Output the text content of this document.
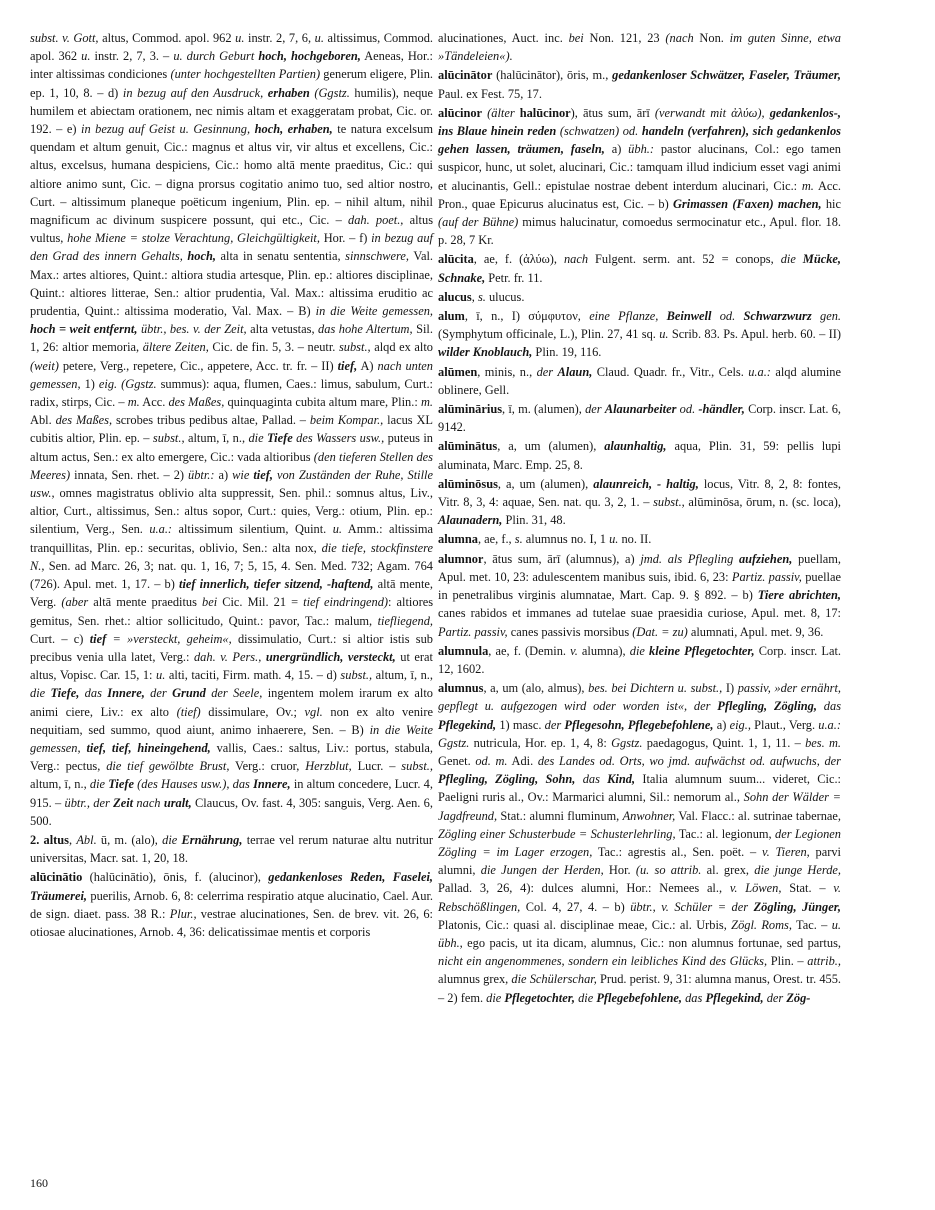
subst. v. Gott, altus, Commod. apol. 962 u. instr. 2, 7, 6, u. altissimus, Commod. apol. 362 u. instr. 2, 7, 3. – u. durch Geburt hoch, hochgeboren, Aeneas, Hor.: inter altissimas condiciones (unter hochgestellten Partien) generum eligere, Plin. ep. 1, 10, 8. – d) in bezug auf den Ausdruck, erhaben (Ggstz. humilis), neque humilem et abiectam orationem, nec nimis altam et exaggeratam probat, Cic. or. 192. – e) in bezug auf Geist u. Gesinnung, hoch, erhaben, te natura excelsum quendam et altum genuit, Cic.: magnus et altus vir, vir altus et excellens, Cic.: altus, excelsus, humana despiciens, Cic.: homo altā mente praeditus, Cic.: qui altiore animo sunt, Cic. – digna prorsus cogitatio animo tuo, sed altior nostro, Curt. – altissimum planeque poëticum ingenium, Plin. ep. – nihil altum, nihil magnificum ac divinum suspicere possunt, qui etc., Cic. – dah. poet., altus vultus, hohe Miene = stolze Verachtung, Gleichgültigkeit, Hor. – f) in bezug auf den Grad des innern Gehalts, hoch, alta in senatu sententia, sinnschwere, Val. Max.: artes altiores, Quint.: altiora studia artesque, Plin. ep.: altiores disciplinae, Quint.: altiores litterae, Sen.: altior prudentia, Val. Max.: altissima eruditio ac prudentia, Quint.: altissima moderatio, Val. Max. – B) in die Weite gemessen, hoch = weit entfernt, übtr., bes. v. der Zeit, alta vetustas, das hohe Altertum, Sil. 1, 26: altior memoria, ältere Zeiten, Cic. de fin. 5, 3. – neutr. subst., alqd ex alto (weit) petere, Verg., repetere, Cic., appetere, Acc. tr. fr. – II) tief, A) nach unten gemessen, 1) eig. (Ggstz. summus): aqua, flumen, Caes.: limus, sabulum, Curt.: radix, stirps, Cic. – m. Acc. des Maßes, quinquaginta cubita altum mare, Plin.: m. Abl. des Maßes, scrobes tribus pedibus altae, Pallad. – beim Kompar., lacus XL cubitis altior, Plin. ep. – subst., altum, ī, n., die Tiefe des Wassers usw., puteus in altum actus, Sen.: ex alto emergere, Cic.: vada altioribus (den tieferen Stellen des Meeres) innata, Sen. rhet. – 2) übtr.: a) wie tief, von Zuständen der Ruhe, Stille usw., omnes magistratus oblivio alta suppressit, Sen. phil.: somnus altus, Liv., altior, Curt., altissimus, Sen.: altus sopor, Curt.: quies, Verg.: otium, Plin. ep.: silentium, Verg., Sen. u.a.: altissimum silentium, Quint. u. Amm.: altissima tranquillitas, Plin. ep.: securitas, oblivio, Sen.: alta nox, die tiefe, stockfinstere N., Sen. ad Marc. 26, 3; nat. qu. 1, 16, 7; 5, 15, 4. Sen. Med. 732; Agam. 764 (726). Apul. met. 1, 17. – b) tief innerlich, tiefer sitzend, -haftend, altā mente, Verg. (aber altā mente praeditus bei Cic. Mil. 21 = tief eindringend): altiores gemitus, Sen. rhet.: altior sollicitudo, Quint.: pavor, Tac.: malum, tiefliegend, Curt. – c) tief = »versteckt, geheim«, dissimulatio, Curt.: si altior istis sub precibus venia ulla latet, Verg.: dah. v. Pers., unergründlich, versteckt, ut erat altus, Vopisc. Car. 15, 1: u. alti, taciti, Firm. math. 4, 15. – d) subst., altum, ī, n., die Tiefe, das Innere, der Grund der Seele, ingentem molem irarum ex alto animi ciere, Liv.: ex alto (tief) dissimulare, Ov.; vgl. non ex alto venire nequitiam, sed summo, quod aiunt, animo inhaerere, Sen. – B) in die Weite gemessen, tief, tief, hineingehend, vallis, Caes.: saltus, Liv.: portus, stabula, Verg.: pectus, die tief gewölbte Brust, Verg.: cruor, Herzblut, Lucr. – subst., altum, ī, n., die Tiefe (des Hauses usw.), das Innere, in altum concedere, Lucr. 4, 915. – übtr., der Zeit nach uralt, Claucus, Ov. fast. 4, 305: sanguis, Verg. Aen. 6, 500.

2. altus, Abl. ū, m. (alo), die Ernährung, terrae vel rerum naturae altu nutritur universitas, Macr. sat. 1, 20, 18.

alūcinātio (halūcinātio), ōnis, f. (alucinor), gedankenloses Reden, Faselei, Träumerei, puerilis, Arnob. 6, 8: celerrima respiratio atque alucinatio, Cael. Aur. de sign. diaet. pass. 38 R.: Plur., vestrae alucinationes, Sen. de brev. vit. 26, 6: otiosae alucinationes, Arnob. 4, 36: delicatissimae mentis et corporis

alucinationes, Auct. inc. bei Non. 121, 23 (nach Non. im guten Sinne, etwa »Tändeleien«).

alūcinātor (halūcinātor), ōris, m., gedankenloser Schwätzer, Faseler, Träumer, Paul. ex Fest. 75, 17.

alūcinor (älter halūcinor), ātus sum, ārī (verwandt mit ἀλύω), gedankenlos-, ins Blaue hinein reden (schwatzen) od. handeln (verfahren), sich gedankenlos gehen lassen, träumen, faseln, a) übh.: pastor alucinans, Col.: ego tamen suspicor, hunc, ut solet, alucinari, Cic.: tamquam illud indicium esset vagi animi et alucinantis, Gell.: epistulae nostrae debent interdum alucinari, Cic.: m. Acc. Pron., quae Epicurus alucinatus est, Cic. – b) Grimassen (Faxen) machen, hic (auf der Bühne) mimus halucinatur, comoedus sermocinatur etc., Apul. flor. 18. p. 28, 7 Kr.

alūcita, ae, f. (ἀλύω), nach Fulgent. serm. ant. 52 = conops, die Mücke, Schnake, Petr. fr. 11.

alucus, s. ulucus.

alum, ī, n., I) σύμφυτον, eine Pflanze, Beinwell od. Schwarzwurz gen. (Symphytum officinale, L.), Plin. 27, 41 sq. u. Scrib. 83. Ps. Apul. herb. 60. – II) wilder Knoblauch, Plin. 19, 116.

alūmen, minis, n., der Alaun, Claud. Quadr. fr., Vitr., Cels. u.a.: alqd alumine oblinere, Gell.

alūminārius, ī, m. (alumen), der Alaunarbeiter od. -händler, Corp. inscr. Lat. 6, 9142.

alūminātus, a, um (alumen), alaunhaltig, aqua, Plin. 31, 59: pellis lupi aluminata, Marc. Emp. 25, 8.

alūminōsus, a, um (alumen), alaunreich, - haltig, locus, Vitr. 8, 2, 8: fontes, Vitr. 8, 3, 4: aquae, Sen. nat. qu. 3, 2, 1. – subst., alūminōsa, ōrum, n. (sc. loca), Alaunadern, Plin. 31, 48.

alumna, ae, f., s. alumnus no. I, 1 u. no. II.

alumnor, ātus sum, ārī (alumnus), a) jmd. als Pflegling aufziehen, puellam, Apul. met. 10, 23: adulescentem manibus suis, ibid. 6, 23: Partiz. passiv, puellae in penetralibus virginis alumnatae, Mart. Cap. 9. § 892. – b) Tiere abrichten, canes rabidos et immanes ad tutelae suae praesidia curiose, Apul. met. 8, 17: Partiz. passiv, canes passivis morsibus (Dat. = zu) alumnati, Apul. met. 9, 36.

alumnula, ae, f. (Demin. v. alumna), die kleine Pflegetochter, Corp. inscr. Lat. 12, 1602.

alumnus, a, um (alo, almus), bes. bei Dichtern u. subst., I) passiv, »der ernährt, gepflegt u. aufgezogen wird oder worden ist«, der Pflegling, Zögling, das Pflegekind, 1) masc. der Pflegesohn, Pflegebefohlene, a) eig., Plaut., Verg. u.a.: Ggstz. nutricula, Hor. ep. 1, 4, 8: Ggstz. paedagogus, Quint. 1, 1, 11. – bes. m. Genet. od. m. Adi. des Landes od. Orts, wo jmd. aufwächst od. aufwuchs, der Pflegling, Zögling, Sohn, das Kind, Italia alumnum suum... videret, Cic.: Paeligni ruris al., Ov.: Marmarici alumni, Sil.: nemorum al., Sohn der Wälder = Jagdfreund, Stat.: alumni fluminum, Anwohner, Val. Flacc.: al. sutrinae tabernae, Zögling einer Schusterbude = Schusterlehrling, Tac.: al. legionum, der Legionen Zögling = im Lager erzogen, Tac.: agrestis al., Sen. poët. – v. Tieren, parvi alumni, die Jungen der Herden, Hor. (u. so attrib. al. grex, die junge Herde, Pallad. 3, 26, 4): dulces alumni, Hor.: Nemees al., v. Löwen, Stat. – v. Rebschößlingen, Col. 4, 27, 4. – b) übtr., v. Schüler = der Zögling, Jünger, Platonis, Cic.: quasi al. disciplinae meae, Cic.: al. Urbis, Zögl. Roms, Tac. – u. übh., ego pacis, ut ita dicam, alumnus, Cic.: non alumnus fortunae, sed partus, nicht ein angenommenes, sondern ein leibliches Kind des Glücks, Plin. – attrib., alumnus grex, die Schülerschar, Prud. perist. 9, 31: alumna manus, Orest. tr. 455. – 2) fem. die Pflegetochter, die Pflegebefohlene, das Pflegekind, der Zög-

160
